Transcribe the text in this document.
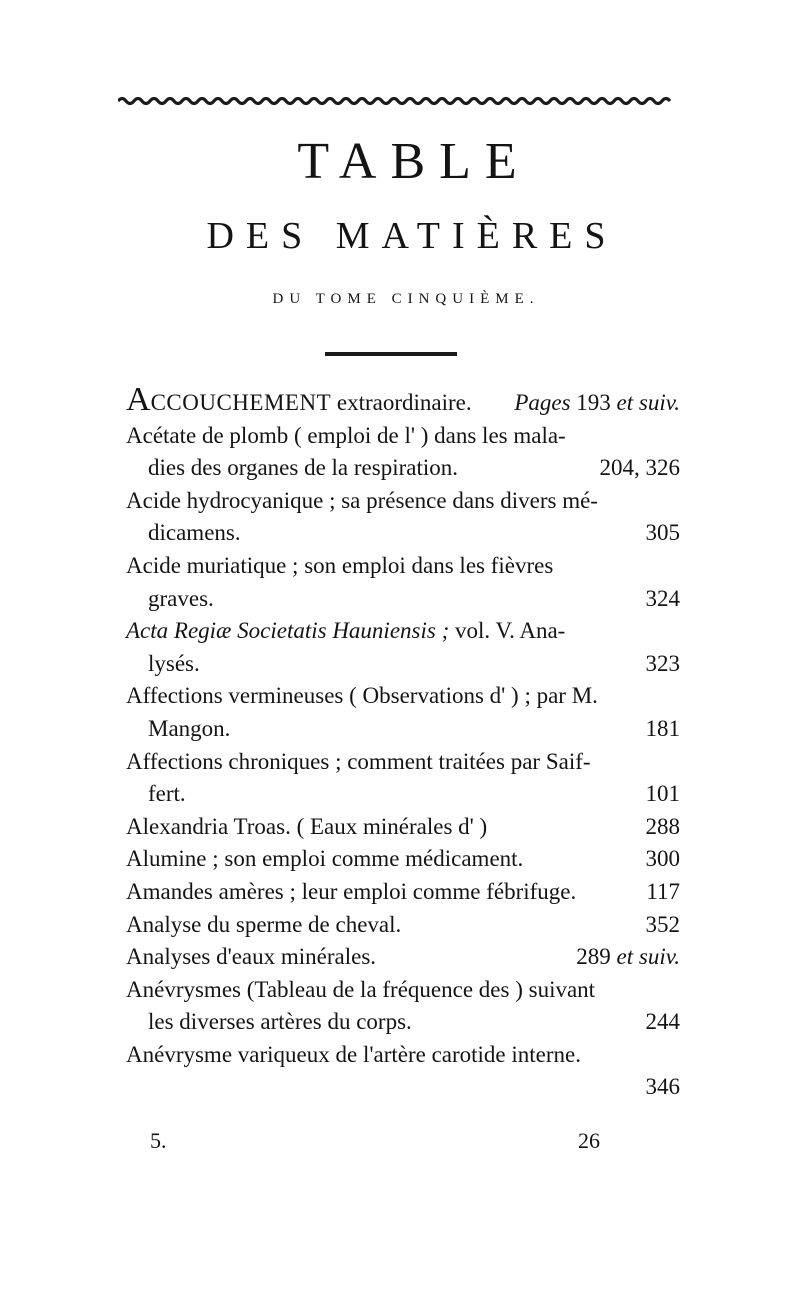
TABLE
DES MATIÈRES
DU TOME CINQUIÈME.
ACCOUCHEMENT extraordinaire. Pages 193 et suiv.
Acétate de plomb ( emploi de l' ) dans les mala-
dies des organes de la respiration.	204, 326
Acide hydrocyanique ; sa présence dans divers mé-
dicamens.	305
Acide muriatique ; son emploi dans les fièvres
graves.	324
Acta Regiæ Societatis Hauniensis ; vol. V. Ana-
lysés.	323
Affections vermineuses ( Observations d' ) ; par M.
Mangon.	181
Affections chroniques ; comment traitées par Saif-
fert.	101
Alexandria Troas. ( Eaux minérales d' )	288
Alumine ; son emploi comme médicament.	300
Amandes amères ; leur emploi comme fébrifuge.	117
Analyse du sperme de cheval.	352
Analyses d'eaux minérales.	289 et suiv.
Anévrysmes (Tableau de la fréquence des ) suivant
les diverses artères du corps.	244
Anévrysme variqueux de l'artère carotide interne.
346
5.	26
